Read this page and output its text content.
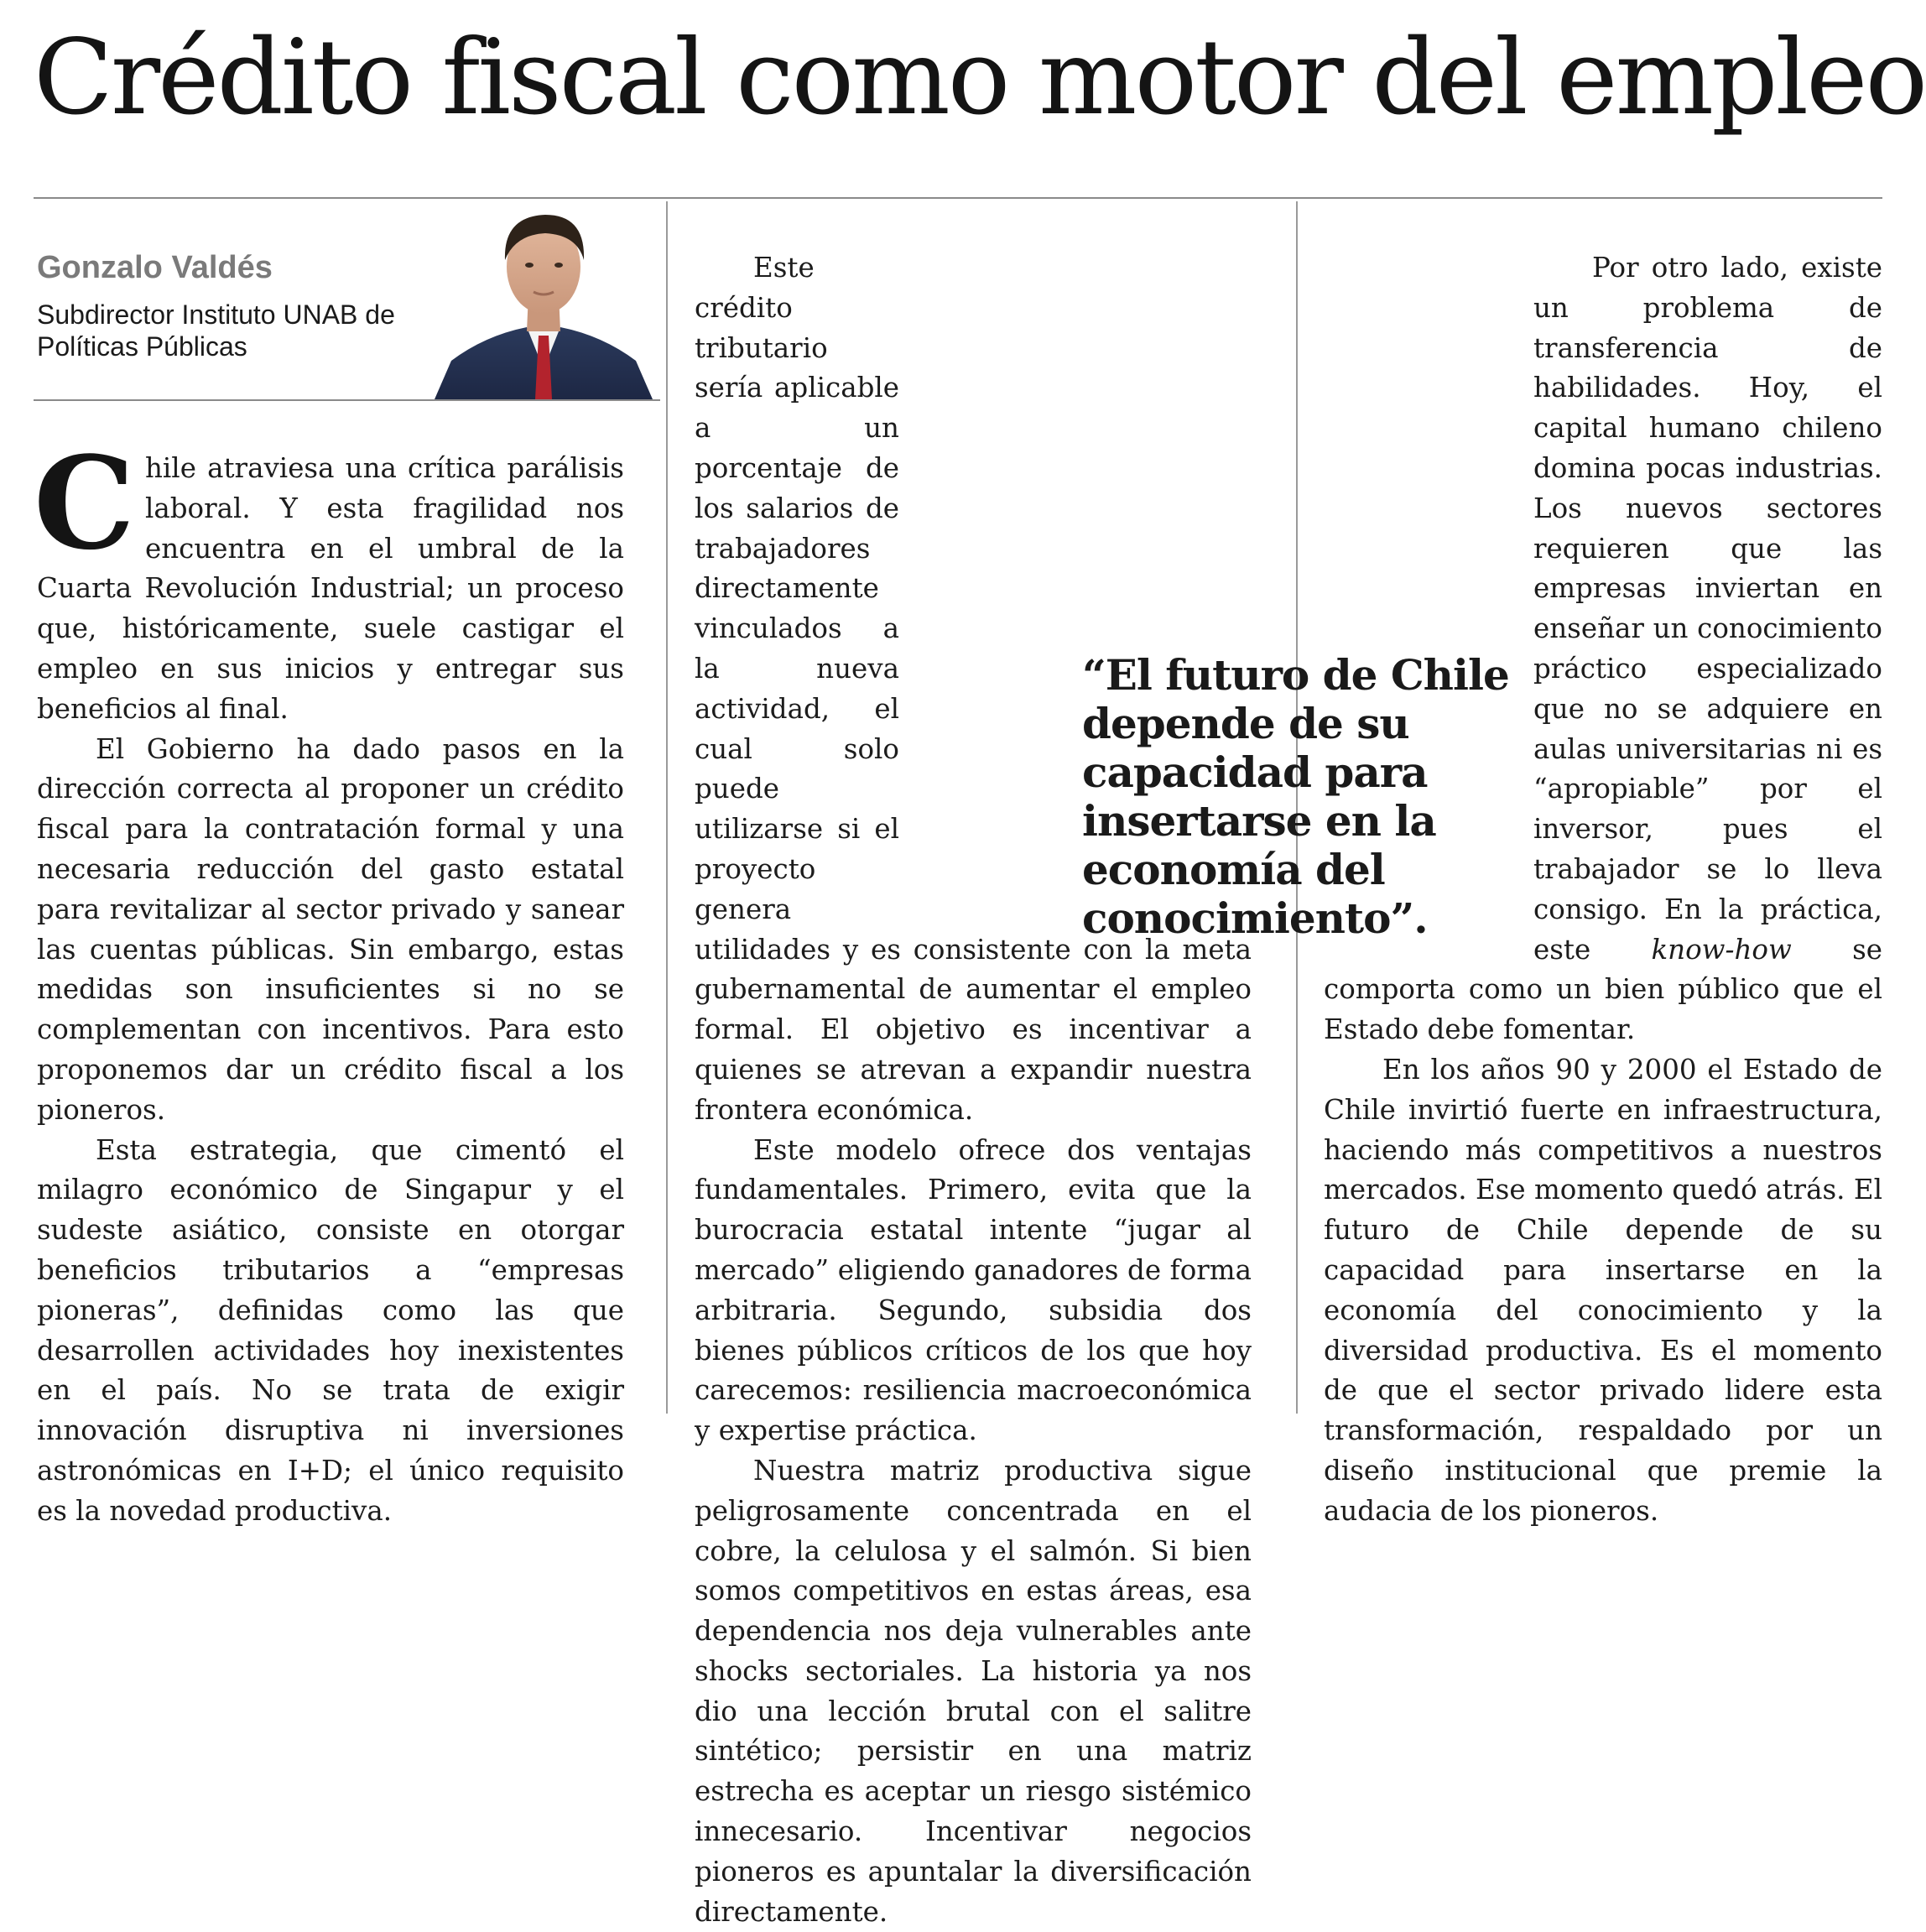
Crédito fiscal como motor del empleo

Gonzalo Valdés

Subdirector Instituto UNAB de Políticas Públicas

C hile atraviesa una crítica parálisis laboral. Y esta fragilidad nos encuentra en el umbral de la Cuarta Revolución Industrial; un proceso que, históricamente, suele castigar el empleo en sus inicios y entregar sus beneficios al final.

El Gobierno ha dado pasos en la dirección correcta al proponer un crédito fiscal para la contratación formal y una necesaria reducción del gasto estatal para revitalizar al sector privado y sanear las cuentas públicas. Sin embargo, estas medidas son insuficientes si no se complementan con incentivos. Para esto proponemos dar un crédito fiscal a los pioneros.

Esta estrategia, que cimentó el milagro económico de Singapur y el sudeste asiático, consiste en otorgar beneficios tributarios a “empresas pioneras”, definidas como las que desarrollen actividades hoy inexistentes en el país. No se trata de exigir innovación disruptiva ni inversiones astronómicas en I+D; el único requisito es la novedad productiva.

Este crédito tributario sería aplicable a un porcentaje de los salarios de trabajadores directamente vinculados a la nueva actividad, el cual solo puede utilizarse si el proyecto genera utilidades y es consistente con la meta gubernamental de aumentar el empleo formal. El objetivo es incentivar a quienes se atrevan a expandir nuestra frontera económica.

Este modelo ofrece dos ventajas fundamentales. Primero, evita que la burocracia estatal intente “jugar al mercado” eligiendo ganadores de forma arbitraria. Segundo, subsidia dos bienes públicos críticos de los que hoy carecemos: resiliencia macroeconómica y expertise práctica.

Nuestra matriz productiva sigue peligrosamente concentrada en el cobre, la celulosa y el salmón. Si bien somos competitivos en estas áreas, esa dependencia nos deja vulnerables ante shocks sectoriales. La historia ya nos dio una lección brutal con el salitre sintético; persistir en una matriz estrecha es aceptar un riesgo sistémico innecesario. Incentivar negocios pioneros es apuntalar la diversificación directamente.

Por otro lado, existe un problema de transferencia de habilidades. Hoy, el capital humano chileno domina pocas industrias. Los nuevos sectores requieren que las empresas inviertan en enseñar un conocimiento práctico especializado que no se adquiere en aulas universitarias ni es “apropiable” por el inversor, pues el trabajador se lo lleva consigo. En la práctica, este know-how se comporta como un bien público que el Estado debe fomentar.

En los años 90 y 2000 el Estado de Chile invirtió fuerte en infraestructura, haciendo más competitivos a nuestros mercados. Ese momento quedó atrás. El futuro de Chile depende de su capacidad para insertarse en la economía del conocimiento y la diversidad productiva. Es el momento de que el sector privado lidere esta transformación, respaldado por un diseño institucional que premie la audacia de los pioneros.

“El futuro de Chile depende de su capacidad para insertarse en la economía del conocimiento”.
